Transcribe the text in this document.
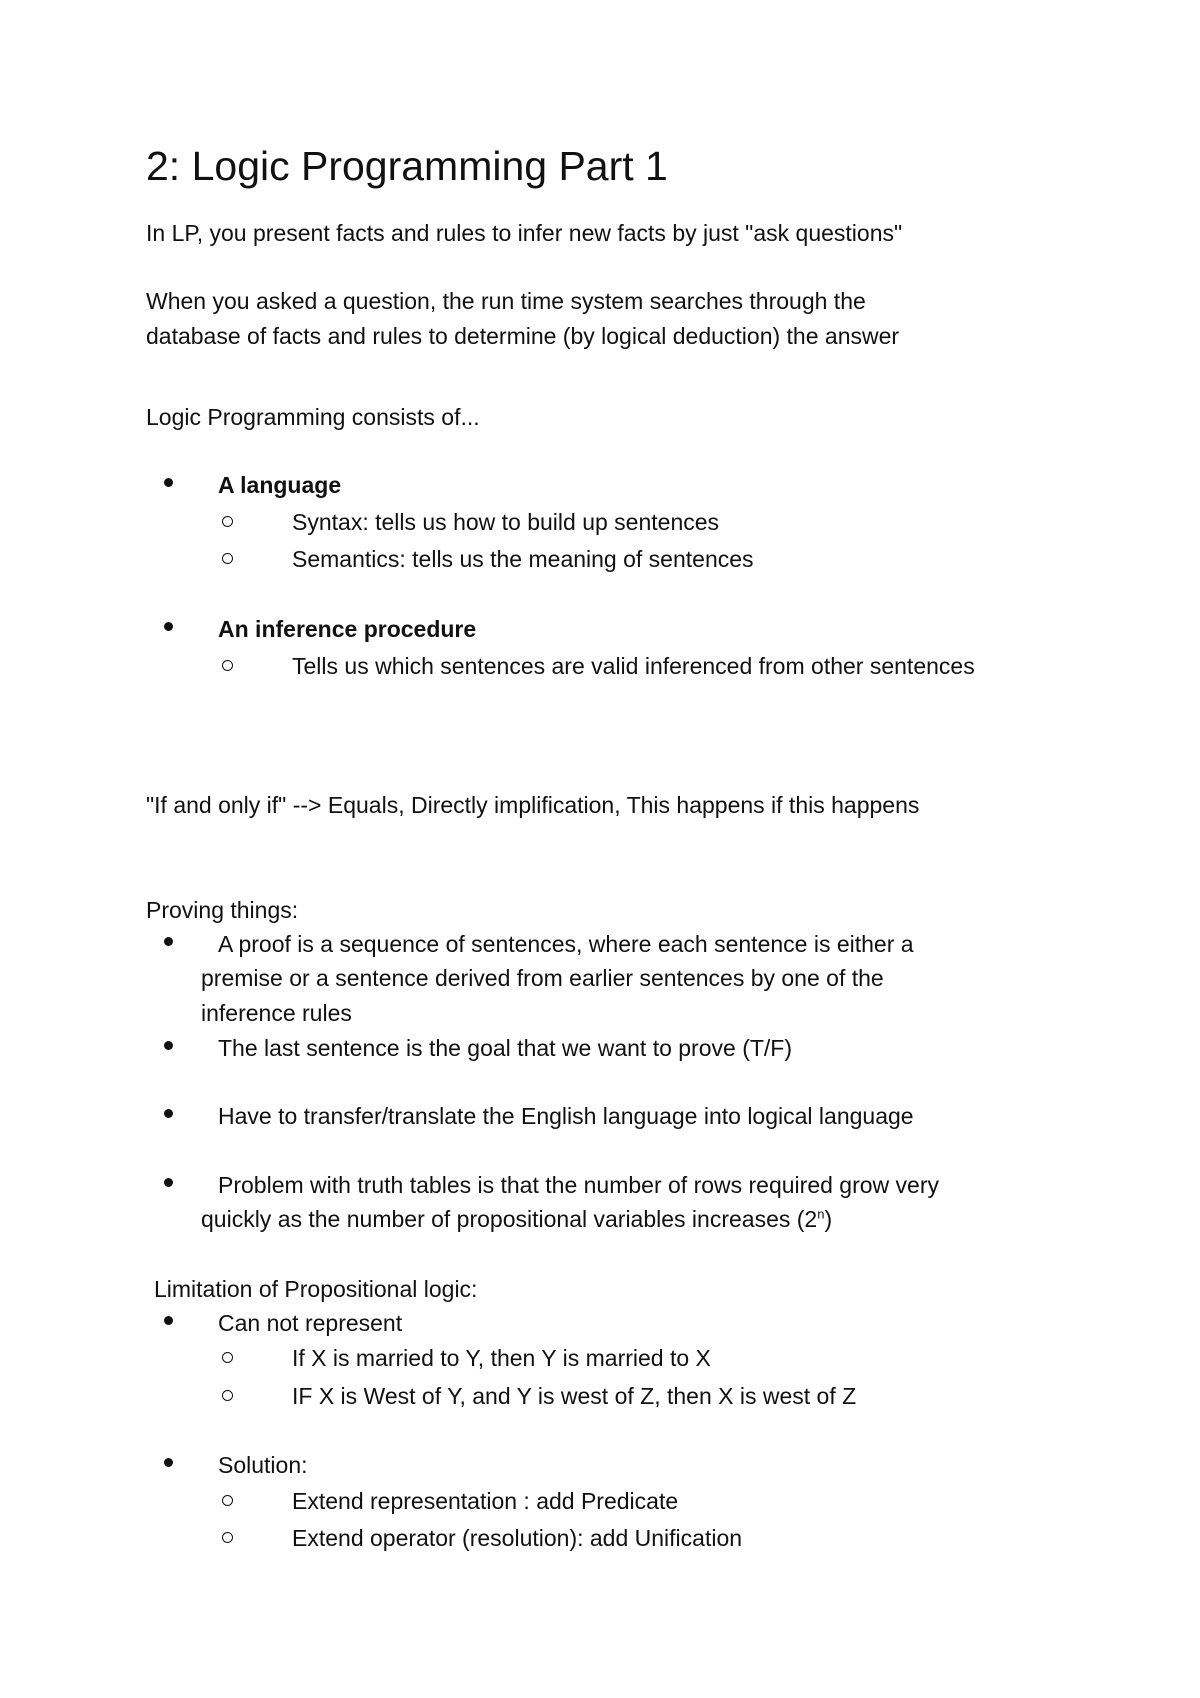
2: Logic Programming Part 1
In LP, you present facts and rules to infer new facts by just "ask questions"
When you asked a question, the run time system searches through the
database of facts and rules to determine (by logical deduction) the answer
Logic Programming consists of...
A language
Syntax: tells us how to build up sentences
Semantics: tells us the meaning of sentences
An inference procedure
Tells us which sentences are valid inferenced from other sentences
"If and only if" --> Equals, Directly implification, This happens if this happens
Proving things:
A proof is a sequence of sentences, where each sentence is either a
premise or a sentence derived from earlier sentences by one of the
inference rules
The last sentence is the goal that we want to prove (T/F)
Have to transfer/translate the English language into logical language
Problem with truth tables is that the number of rows required grow very
quickly as the number of propositional variables increases (2$^n$)
Limitation of Propositional logic:
Can not represent
If X is married to Y, then Y is married to X
IF X is West of Y, and Y is west of Z, then X is west of Z
Solution:
Extend representation : add Predicate
Extend operator (resolution): add Unification
